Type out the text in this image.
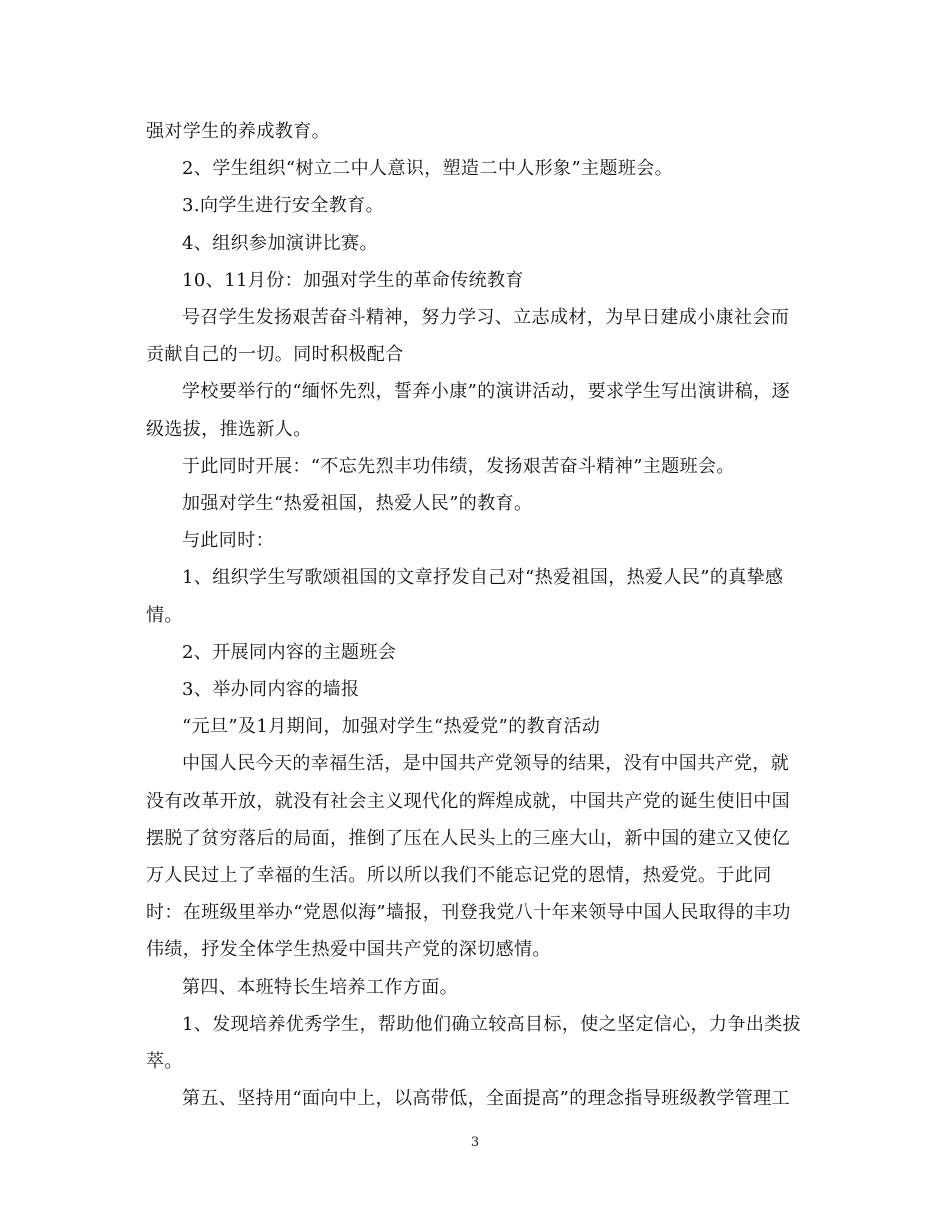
强对学生的养成教育。

2、学生组织“树立二中人意识，塑造二中人形象”主题班会。

3.向学生进行安全教育。

4、组织参加演讲比赛。

10、11月份：加强对学生的革命传统教育

号召学生发扬艰苦奋斗精神，努力学习、立志成材，为早日建成小康社会而贡献自己的一切。同时积极配合

学校要举行的“缅怀先烈，誓奔小康”的演讲活动，要求学生写出演讲稿，逐级选拔，推选新人。

于此同时开展：“不忘先烈丰功伟绩，发扬艰苦奋斗精神”主题班会。

加强对学生“热爱祖国，热爱人民”的教育。

与此同时：

1、组织学生写歌颂祖国的文章抒发自己对“热爱祖国，热爱人民”的真挚感情。

2、开展同内容的主题班会

3、举办同内容的墙报

“元旦”及1月期间，加强对学生“热爱党”的教育活动

中国人民今天的幸福生活，是中国共产党领导的结果，没有中国共产党，就没有改革开放，就没有社会主义现代化的辉煌成就，中国共产党的诞生使旧中国摆脱了贫穷落后的局面，推倒了压在人民头上的三座大山，新中国的建立又使亿万人民过上了幸福的生活。所以所以我们不能忘记党的恩情，热爱党。于此同时：在班级里举办“党恩似海”墙报，刊登我党八十年来领导中国人民取得的丰功伟绩，抒发全体学生热爱中国共产党的深切感情。

第四、本班特长生培养工作方面。

1、发现培养优秀学生，帮助他们确立较高目标，使之坚定信心，力争出类拔萃。

第五、坚持用“面向中上，以高带低，全面提高”的理念指导班级教学管理工

3
